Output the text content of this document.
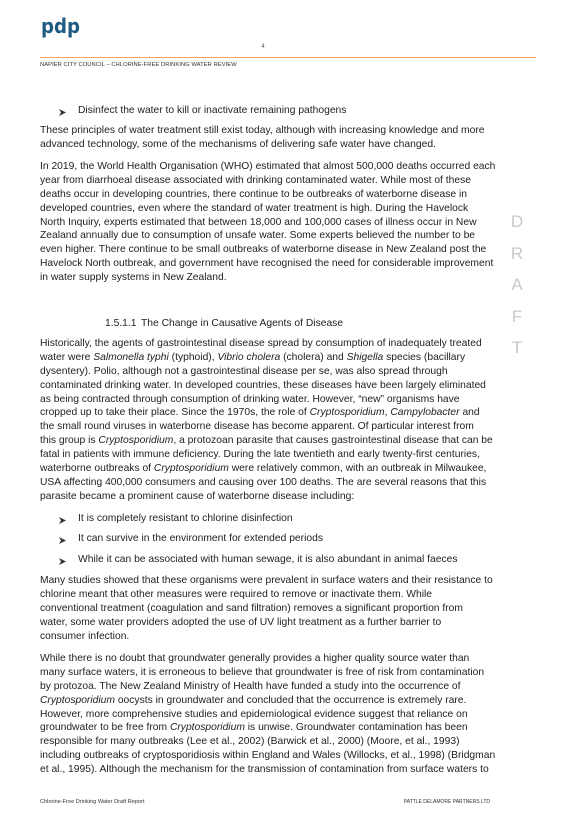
pdp
4
NAPIER CITY COUNCIL – CHLORINE-FREE DRINKING WATER REVIEW
Disinfect the water to kill or inactivate remaining pathogens
These principles of water treatment still exist today, although with increasing knowledge and more
advanced technology, some of the mechanisms of delivering safe water have changed.
In 2019, the World Health Organisation (WHO) estimated that almost 500,000 deaths occurred each
year from diarrhoeal disease associated with drinking contaminated water. While most of these
deaths occur in developing countries, there continue to be outbreaks of waterborne disease in
developed countries, even where the standard of water treatment is high. During the Havelock
North Inquiry, experts estimated that between 18,000 and 100,000 cases of illness occur in New
Zealand annually due to consumption of unsafe water. Some experts believed the number to be
even higher. There continue to be small outbreaks of waterborne disease in New Zealand post the
Havelock North outbreak, and government have recognised the need for considerable improvement
in water supply systems in New Zealand.
1.5.1.1 The Change in Causative Agents of Disease
Historically, the agents of gastrointestinal disease spread by consumption of inadequately treated
water were Salmonella typhi (typhoid), Vibrio cholera (cholera) and Shigella species (bacillary
dysentery). Polio, although not a gastrointestinal disease per se, was also spread through
contaminated drinking water. In developed countries, these diseases have been largely eliminated
as being contracted through consumption of drinking water. However, “new” organisms have
cropped up to take their place. Since the 1970s, the role of Cryptosporidium, Campylobacter and
the small round viruses in waterborne disease has become apparent. Of particular interest from
this group is Cryptosporidium, a protozoan parasite that causes gastrointestinal disease that can be
fatal in patients with immune deficiency. During the late twentieth and early twenty-first centuries,
waterborne outbreaks of Cryptosporidium were relatively common, with an outbreak in Milwaukee,
USA affecting 400,000 consumers and causing over 100 deaths. The are several reasons that this
parasite became a prominent cause of waterborne disease including:
It is completely resistant to chlorine disinfection
It can survive in the environment for extended periods
While it can be associated with human sewage, it is also abundant in animal faeces
Many studies showed that these organisms were prevalent in surface waters and their resistance to
chlorine meant that other measures were required to remove or inactivate them. While
conventional treatment (coagulation and sand filtration) removes a significant proportion from
water, some water providers adopted the use of UV light treatment as a further barrier to
consumer infection.
While there is no doubt that groundwater generally provides a higher quality source water than
many surface waters, it is erroneous to believe that groundwater is free of risk from contamination
by protozoa. The New Zealand Ministry of Health have funded a study into the occurrence of
Cryptosporidium oocysts in groundwater and concluded that the occurrence is extremely rare.
However, more comprehensive studies and epidemiological evidence suggest that reliance on
groundwater to be free from Cryptosporidium is unwise. Groundwater contamination has been
responsible for many outbreaks (Lee et al., 2002) (Barwick et al., 2000) (Moore, et al., 1993)
including outbreaks of cryptosporidiosis within England and Wales (Willocks, et al., 1998) (Bridgman
et al., 1995). Although the mechanism for the transmission of contamination from surface waters to
D
R
A
F
T
Chlorine-Free Drinking Water Draft Report	PATTLE DELAMORE PARTNERS LTD
